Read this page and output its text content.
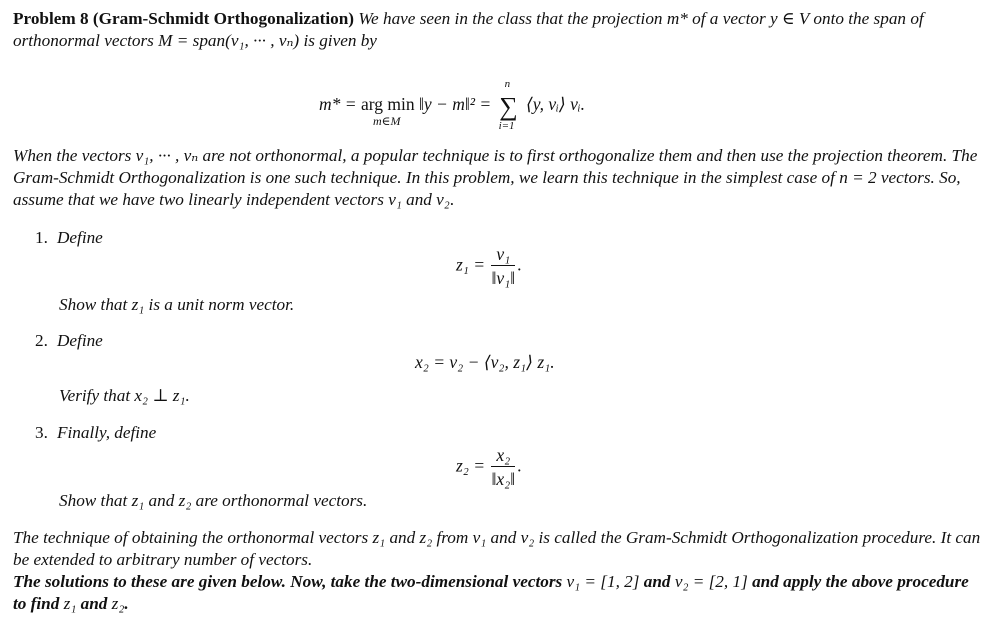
Problem 8 (Gram-Schmidt Orthogonalization) We have seen in the class that the projection m* of a vector y ∈ V onto the span of orthonormal vectors M = span(v₁, ··· , vₙ) is given by

m* = arg min
m∈M
‖y − m‖² =
n
∑
i=1
⟨y, vᵢ⟩ vᵢ.

When the vectors v₁, ··· , vₙ are not orthonormal, a popular technique is to first orthogonalize them and then use the projection theorem. The Gram-Schmidt Orthogonalization is one such technique. In this problem, we learn this technique in the simplest case of n = 2 vectors. So, assume that we have two linearly independent vectors v₁ and v₂.

1. Define
$z_1 = \frac{\text{v₁}}{\text{‖v₁‖}}$ .
Show that z₁ is a unit norm vector.
2. Define
x₂ = v₂ − ⟨v₂, z₁⟩ z₁.
Verify that x₂ ⊥ z₁.
3. Finally, define
$z_2 = \frac{\text{x₂}}{\text{‖x₂‖}}$ .
Show that z₁ and z₂ are orthonormal vectors.

The technique of obtaining the orthonormal vectors z₁ and z₂ from v₁ and v₂ is called the Gram-Schmidt Orthogonalization procedure. It can be extended to arbitrary number of vectors.

The solutions to these are given below. Now, take the two-dimensional vectors v₁ = [1, 2] and v₂ = [2, 1] and apply the above procedure to find z₁ and z₂.
